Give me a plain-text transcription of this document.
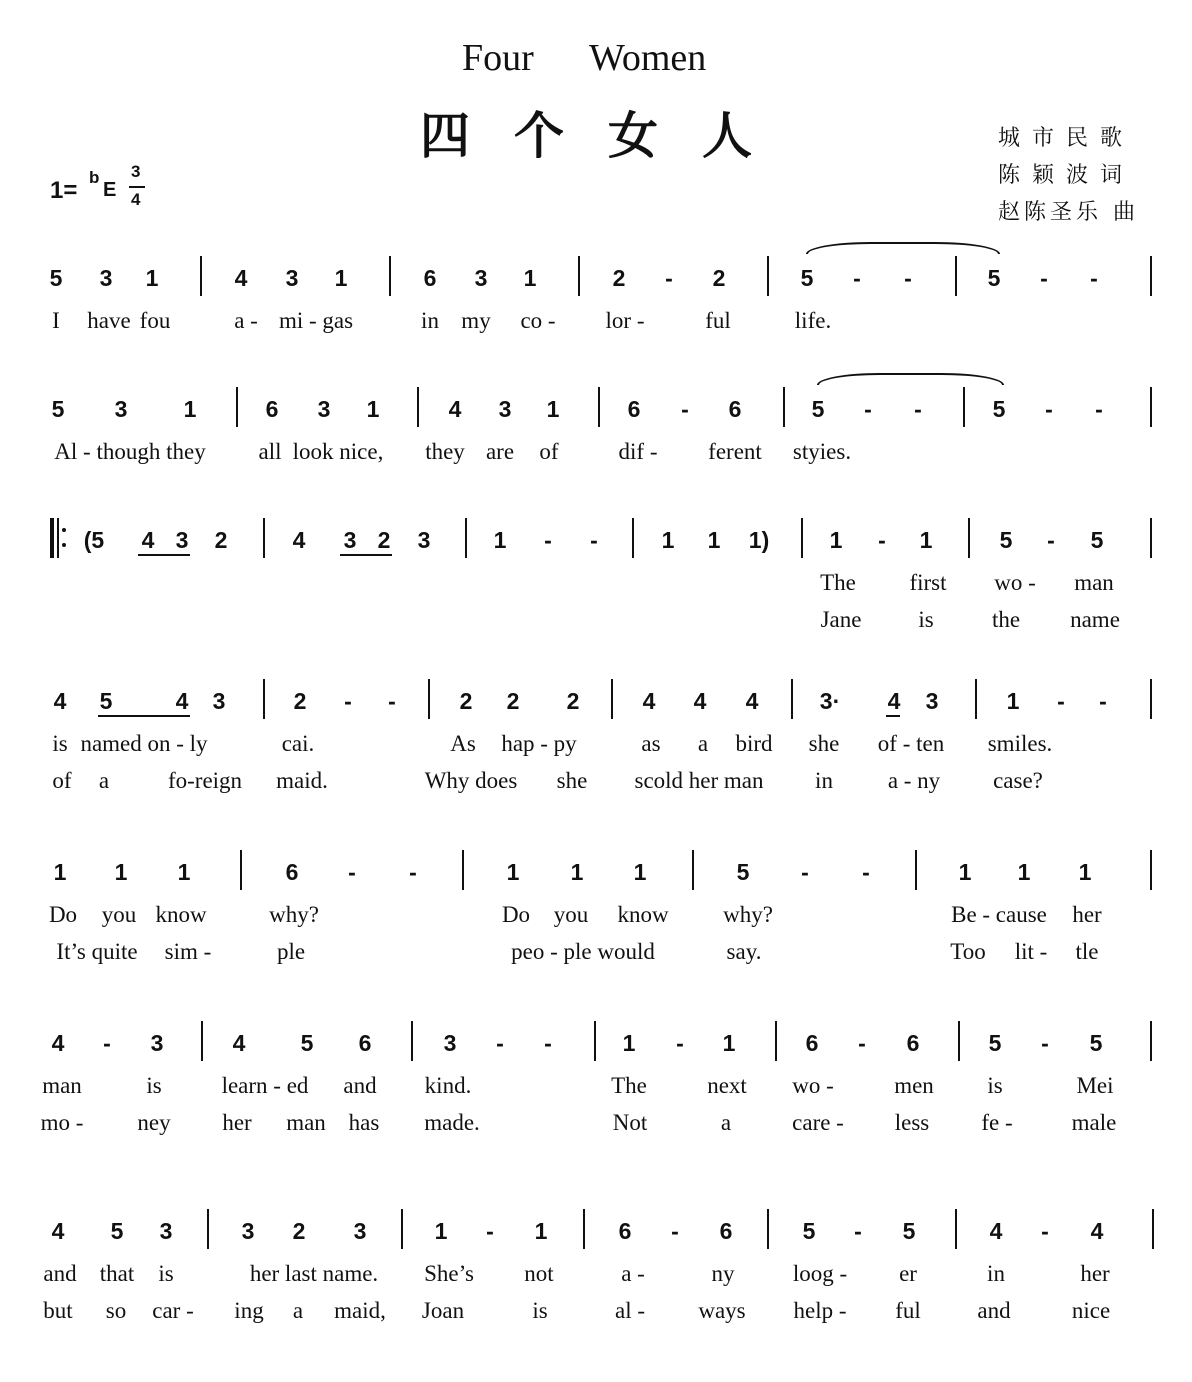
Four Women
四个女人	城市民歌
陈颖波词
赵陈圣乐 曲
1= b
E
3
4
5 3 1	4 3 1	6 3 1	2 - 2	5 - -	5 - -
I have fou	a - mi - gas	in my co - lor -	ful	life.
5 3 1	6 3 1	4 3 1	6 - 6	5 - -	5 - -
Al - though they all look nice, they are of	dif - ferent styies.
(5 4 3 2	4 3 2 3	1 - -	1 1 1)	1 - 1	5 - 5
The first wo - man
Jane is	the name
4 5	4 3	2 - -	2 2 2	4 4 4	3· 4 3	1 - -
is named on - ly	cai.	As hap - py	as a bird she of - ten smiles.
of a	fo-reign maid.	Why does she scold her man in a - ny case?
1 1 1	6 - -	1 1 1	5 - -	1 1 1
Do you know	why?	Do you know why?	Be - cause her
It’s quite sim -	ple	peo - ple would	say.	Too lit - tle
4 - 3	4 5 6	3 - -	1 - 1	6 - 6	5 - 5
man	is	learn - ed and kind.	The	next wo -	men is	Mei
mo - ney her man has made.	Not	a	care - less fe -	male
4 5 3	3 2 3	1 - 1	6 - 6	5 - 5	4 - 4
and that is	her last name. She’s not	a -	ny	loog - er	in	her
but so car - ing a maid, Joan	is	al - ways help - ful and	nice
